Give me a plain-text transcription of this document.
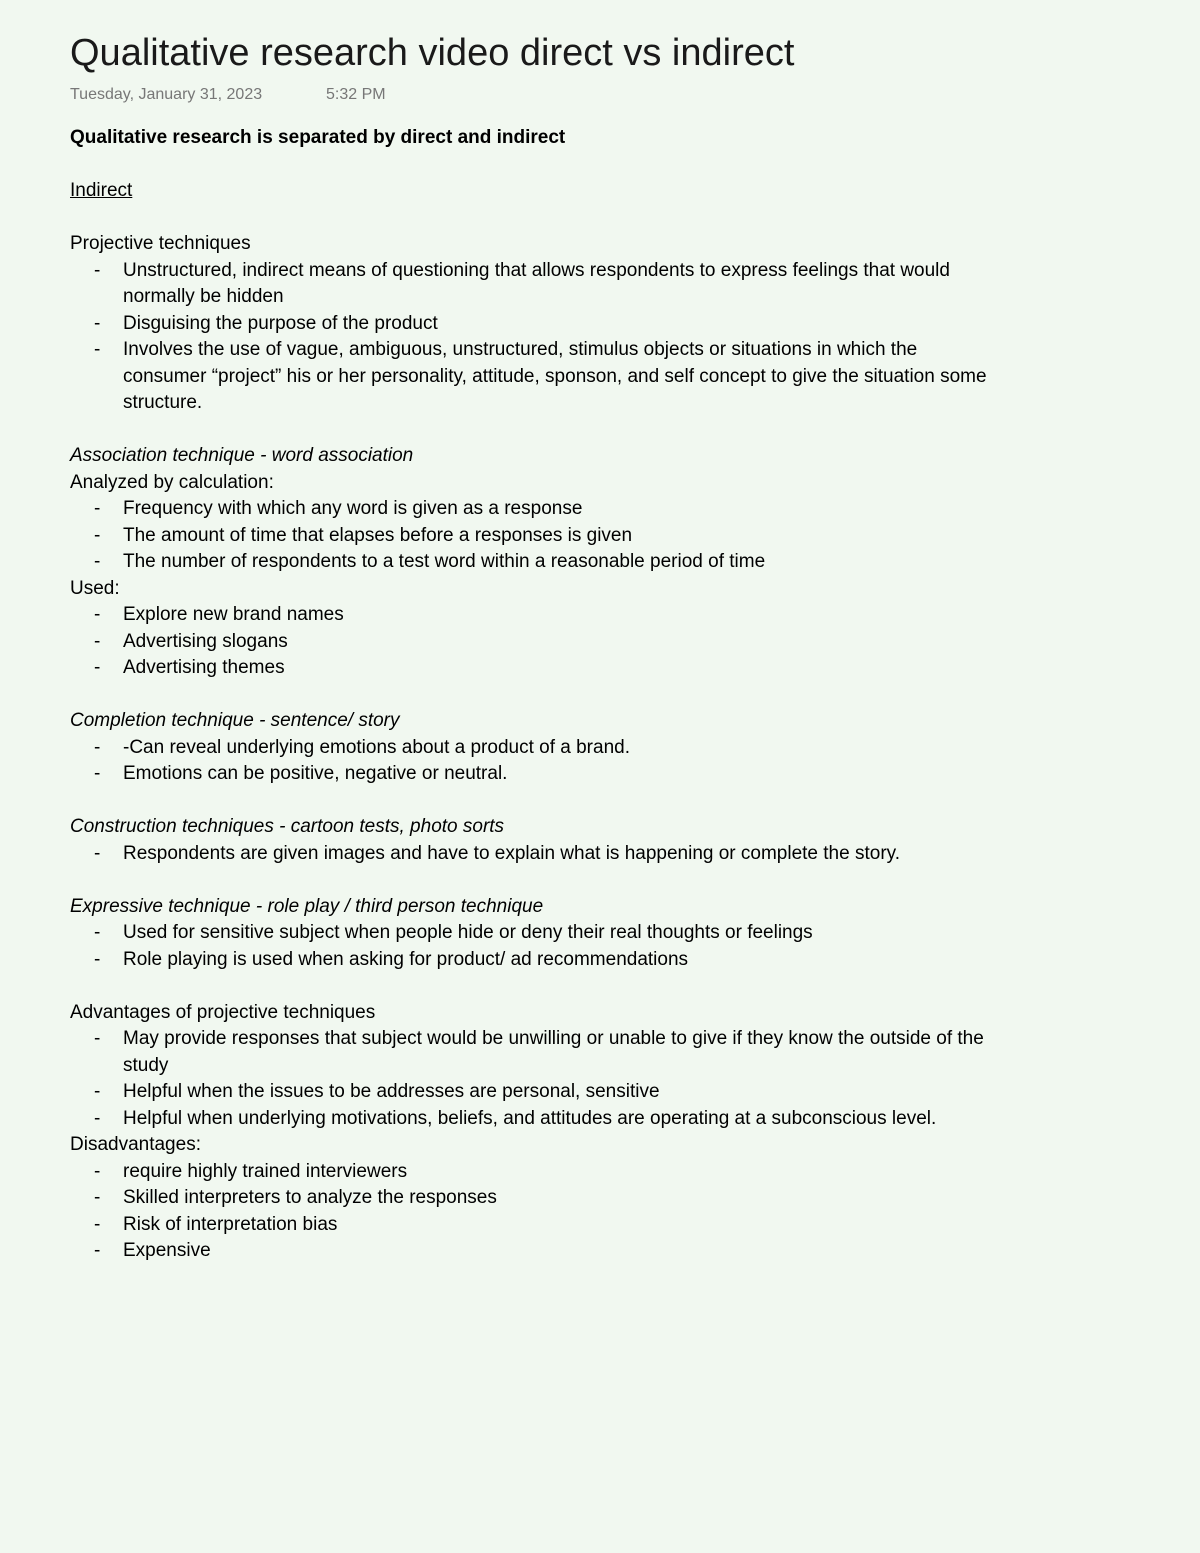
Qualitative research video direct vs indirect
Tuesday, January 31, 2023	5:32 PM
Qualitative research is separated by direct and indirect
Indirect
Projective techniques
- Unstructured, indirect means of questioning that allows respondents to express feelings that would normally be hidden
- Disguising the purpose of the product
- Involves the use of vague, ambiguous, unstructured, stimulus objects or situations in which the consumer “project” his or her personality, attitude, sponson, and self concept to give the situation some structure.
Association technique - word association
Analyzed by calculation:
- Frequency with which any word is given as a response
- The amount of time that elapses before a responses is given
- The number of respondents to a test word within a reasonable period of time
Used:
- Explore new brand names
- Advertising slogans
- Advertising themes
Completion technique - sentence/ story
- -Can reveal underlying emotions about a product of a brand.
- Emotions can be positive, negative or neutral.
Construction techniques - cartoon tests, photo sorts
- Respondents are given images and have to explain what is happening or complete the story.
Expressive technique - role play / third person technique
- Used for sensitive subject when people hide or deny their real thoughts or feelings
- Role playing is used when asking for product/ ad recommendations
Advantages of projective techniques
- May provide responses that subject would be unwilling or unable to give if they know the outside of the study
- Helpful when the issues to be addresses are personal, sensitive
- Helpful when underlying motivations, beliefs, and attitudes are operating at a subconscious level.
Disadvantages:
- require highly trained interviewers
- Skilled interpreters to analyze the responses
- Risk of interpretation bias
- Expensive
